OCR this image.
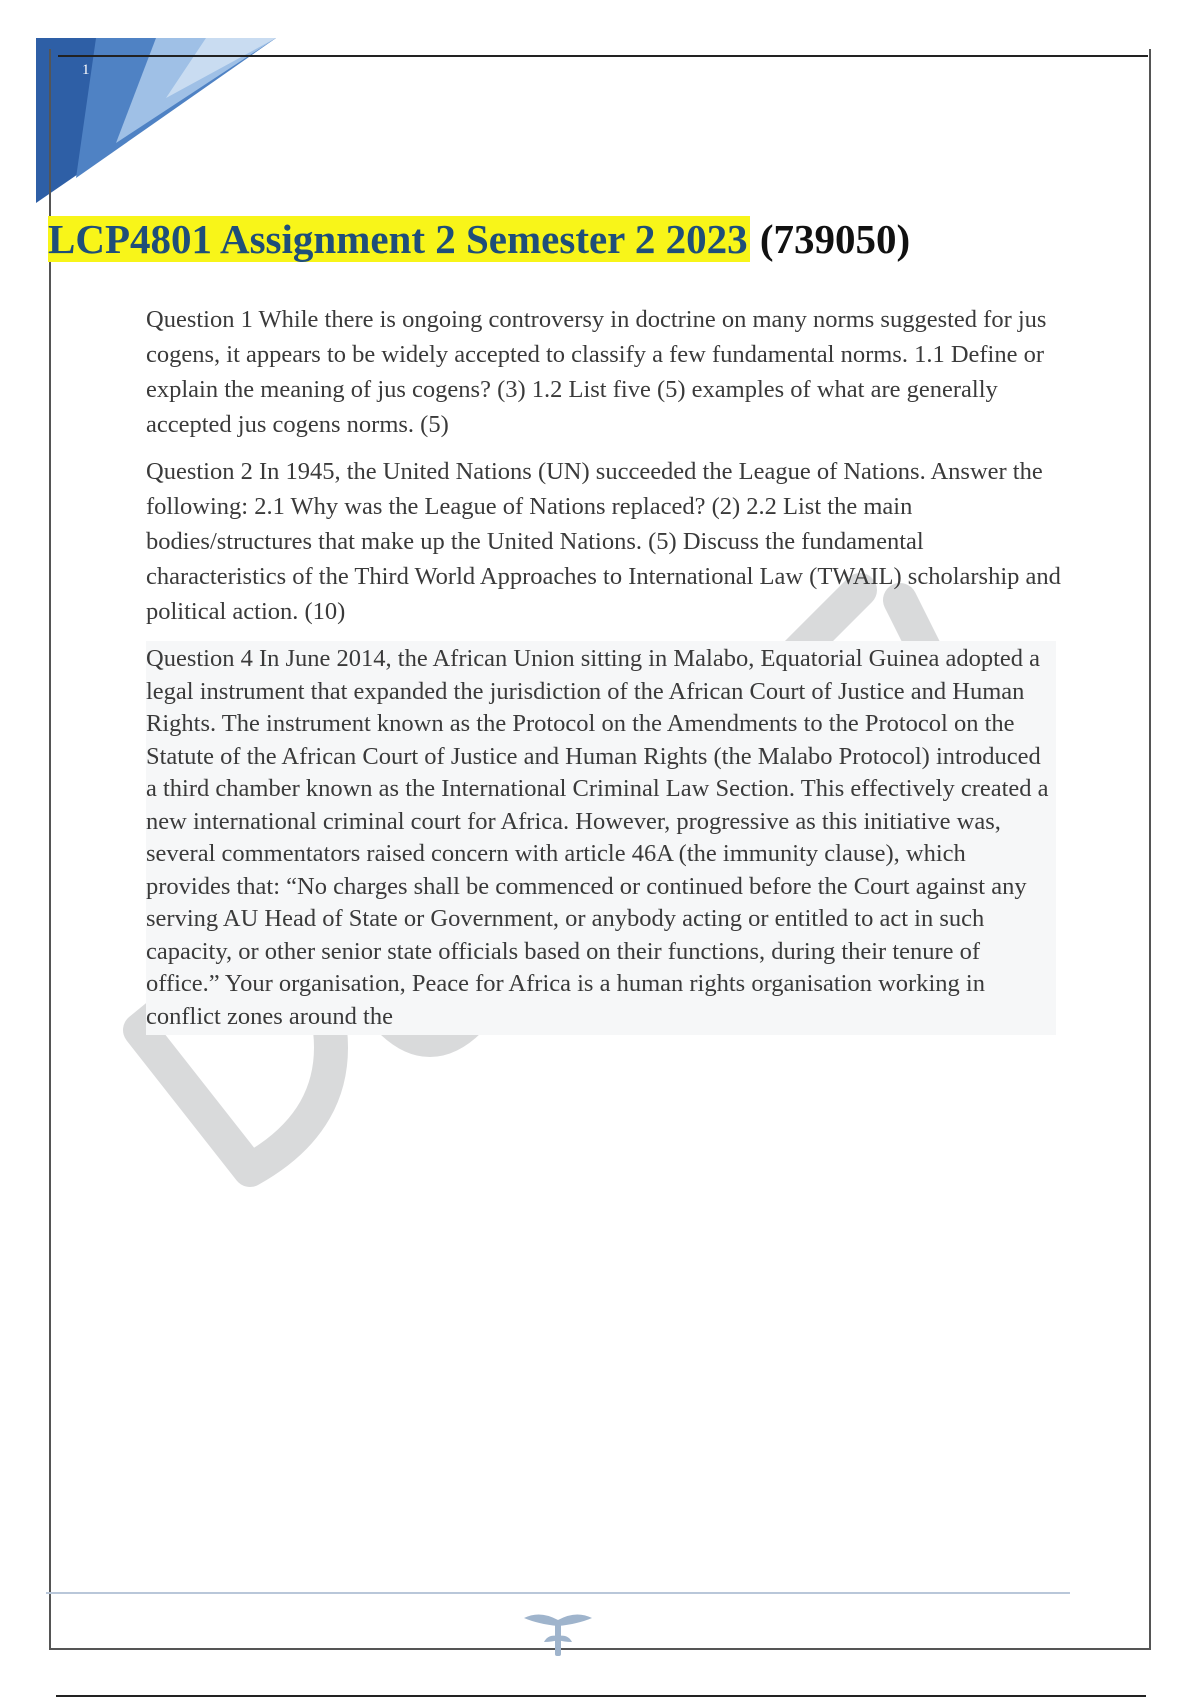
1
LCP4801 Assignment 2 Semester 2 2023 (739050)

Question 1 While there is ongoing controversy in doctrine on many norms suggested for jus cogens, it appears to be widely accepted to classify a few fundamental norms. 1.1 Define or explain the meaning of jus cogens? (3) 1.2 List five (5) examples of what are generally accepted jus cogens norms. (5)

Question 2 In 1945, the United Nations (UN) succeeded the League of Nations. Answer the following: 2.1 Why was the League of Nations replaced? (2) 2.2 List the main bodies/structures that make up the United Nations. (5) Discuss the fundamental characteristics of the Third World Approaches to International Law (TWAIL) scholarship and political action. (10)

Question 4 In June 2014, the African Union sitting in Malabo, Equatorial Guinea adopted a legal instrument that expanded the jurisdiction of the African Court of Justice and Human Rights. The instrument known as the Protocol on the Amendments to the Protocol on the Statute of the African Court of Justice and Human Rights (the Malabo Protocol) introduced a third chamber known as the International Criminal Law Section. This effectively created a new international criminal court for Africa. However, progressive as this initiative was, several commentators raised concern with article 46A (the immunity clause), which provides that: “No charges shall be commenced or continued before the Court against any serving AU Head of State or Government, or anybody acting or entitled to act in such capacity, or other senior state officials based on their functions, during their tenure of office.” Your organisation, Peace for Africa is a human rights organisation working in conflict zones around the
